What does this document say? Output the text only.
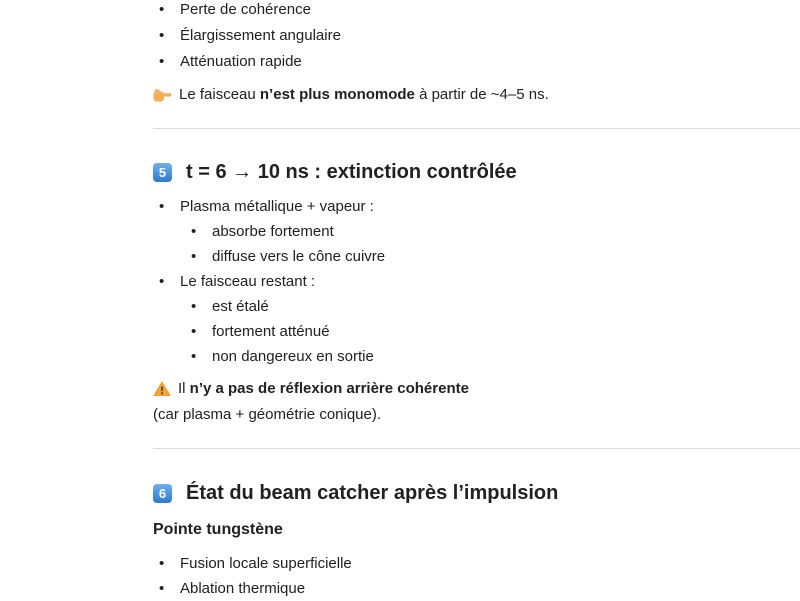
• Perte de cohérence
• Élargissement angulaire
• Atténuation rapide
Le faisceau n’est plus monomode à partir de ~4–5 ns.
5 t = 6 → 10 ns : extinction contrôlée
• Plasma métallique + vapeur :
• absorbe fortement
• diffuse vers le cône cuivre
• Le faisceau restant :
• est étalé
• fortement atténué
• non dangereux en sortie
Il n’y a pas de réflexion arrière cohérente
(car plasma + géométrie conique).
6 État du beam catcher après l’impulsion
Pointe tungstène
• Fusion locale superficielle
• Ablation thermique
